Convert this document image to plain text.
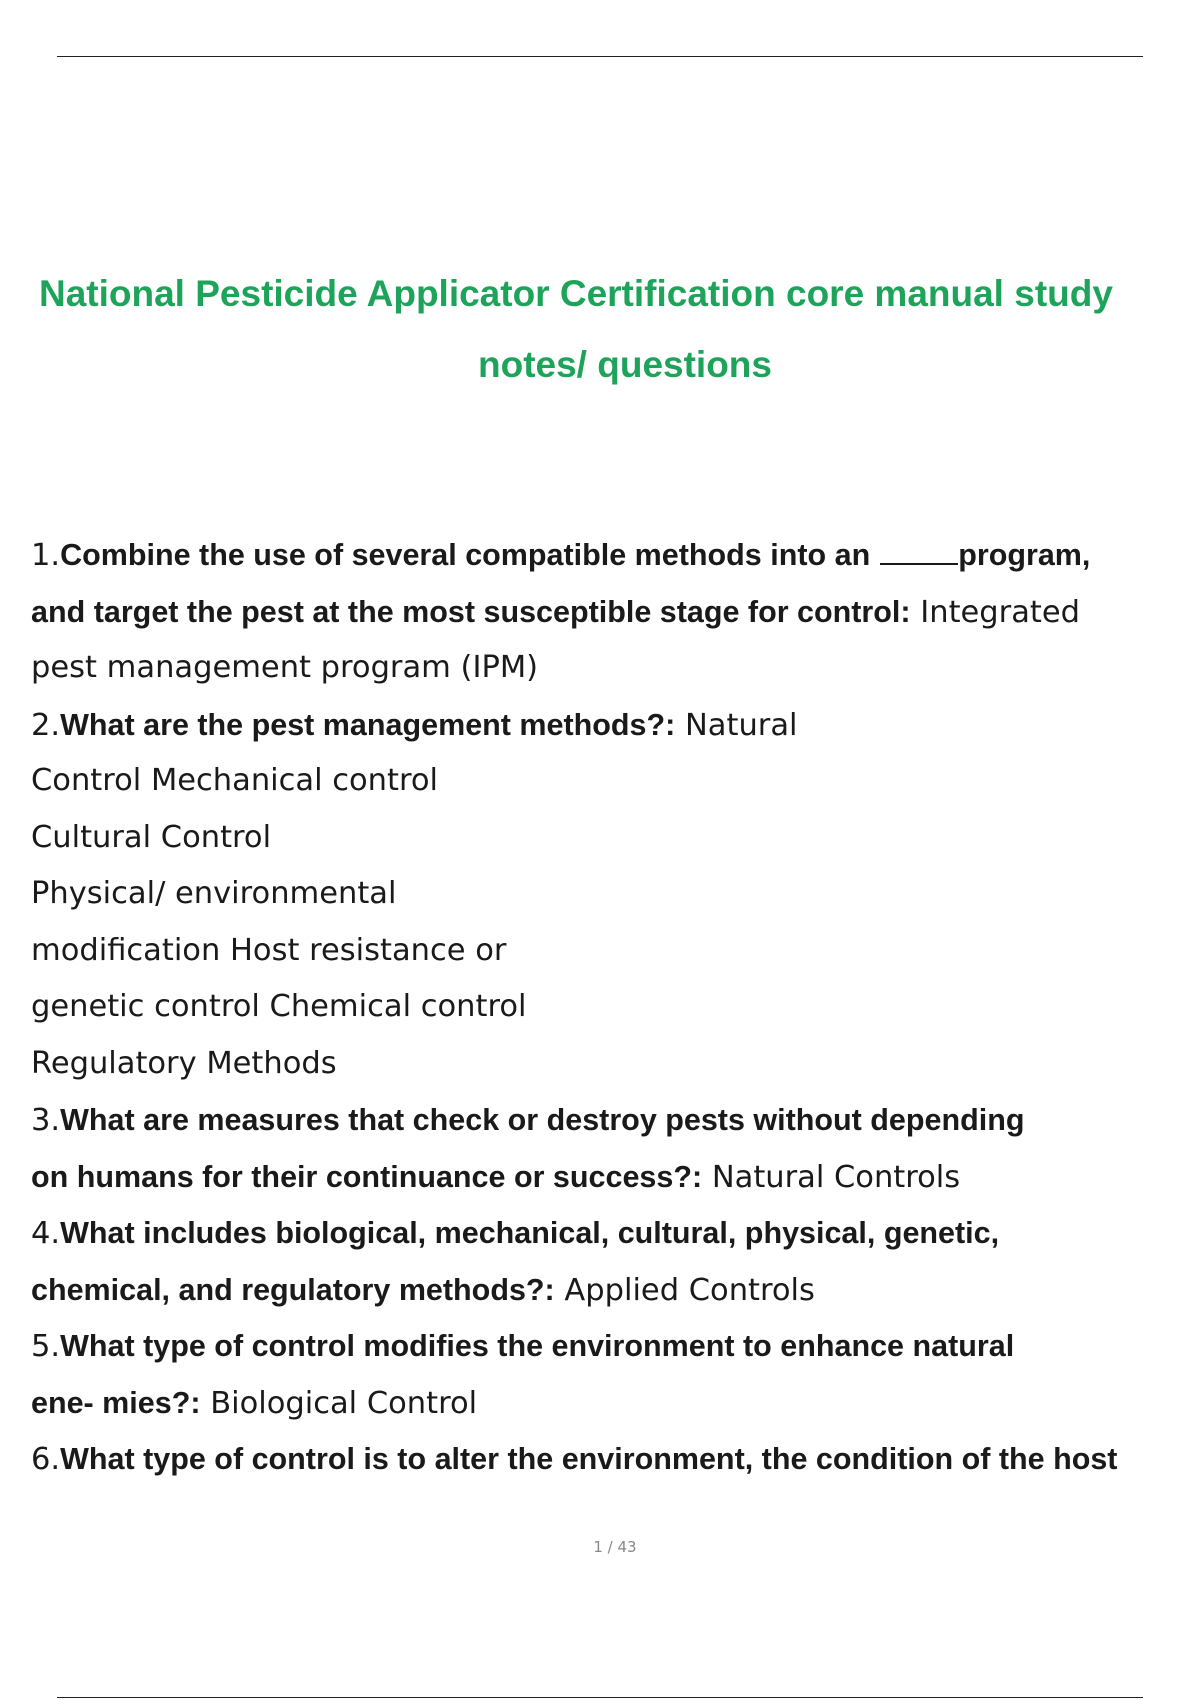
National Pesticide Applicator Certification core manual study
notes/ questions
1.Combine the use of several compatible methods into an	program,
and target the pest at the most susceptible stage for control: Integrated
pest management program (IPM)
2.What are the pest management methods?: Natural
Control Mechanical control
Cultural Control
Physical/ environmental
modification Host resistance or
genetic control Chemical control
Regulatory Methods
3.What are measures that check or destroy pests without depending
on humans for their continuance or success?: Natural Controls
4.What includes biological, mechanical, cultural, physical, genetic,
chemical, and regulatory methods?: Applied Controls
5.What type of control modifies the environment to enhance natural
ene- mies?: Biological Control
6.What type of control is to alter the environment, the condition of the host
1 / 43
